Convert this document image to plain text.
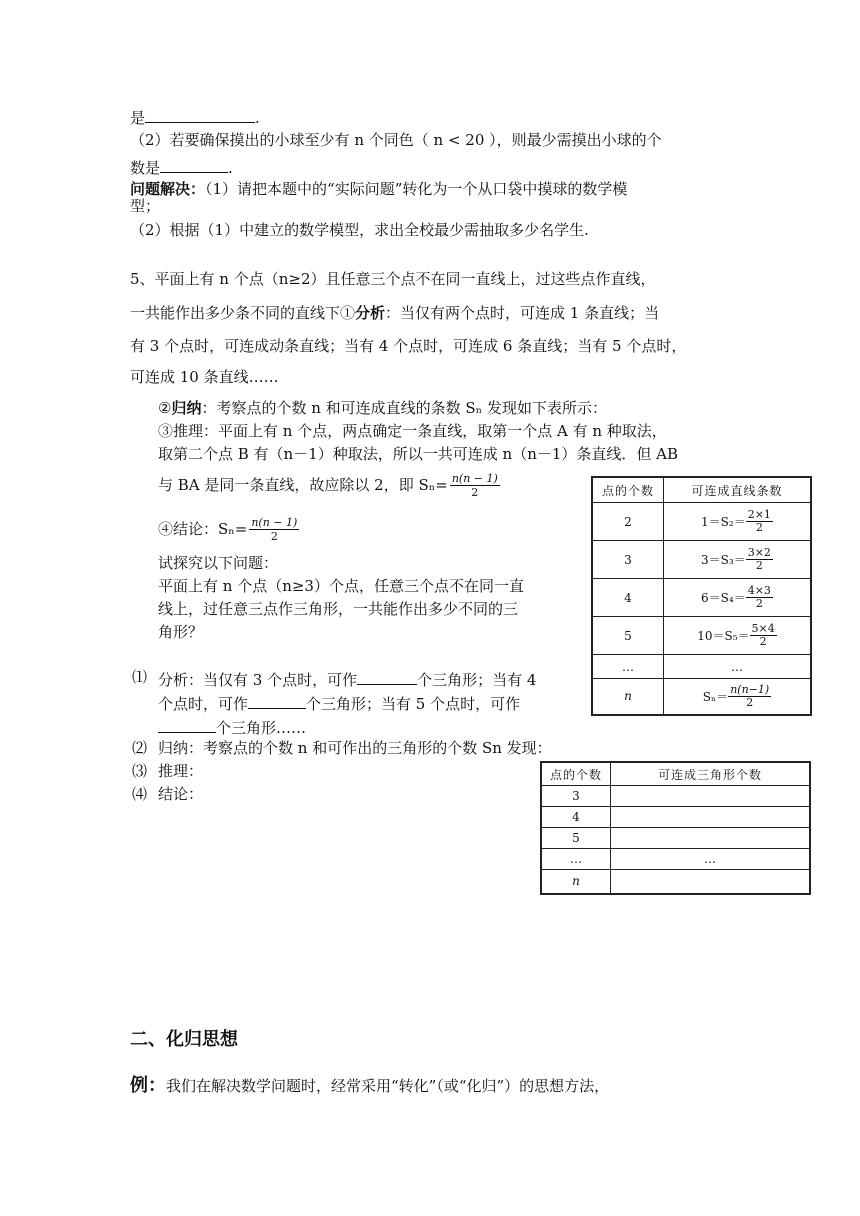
是	.
（2）若要确保摸出的小球至少有 n 个同色（ n < 20 ），则最少需摸出小球的个
数是	.
问题解决：（1）请把本题中的“实际问题”转化为一个从口袋中摸球的数学模
型；
（2）根据（1）中建立的数学模型，求出全校最少需抽取多少名学生.
5、平面上有 n 个点（n≥2）且任意三个点不在同一直线上，过这些点作直线，
一共能作出多少条不同的直线下①分析：当仅有两个点时，可连成 1 条直线；当
有 3 个点时，可连成动条直线；当有 4 个点时，可连成 6 条直线；当有 5 个点时，
可连成 10 条直线……
②归纳：考察点的个数 n 和可连成直线的条数 Sₙ 发现如下表所示：
③推理：平面上有 n 个点，两点确定一条直线，取第一个点 A 有 n 种取法，
取第二个点 B 有（n－1）种取法，所以一共可连成 n（n－1）条直线．但 AB
与 BA 是同一条直线，故应除以 2，即 $S_n= \frac{n(n - 1)}{2}$
④结论：$S_n= \frac{n(n - 1)}{2}$
试探究以下问题：
平面上有 n 个点（n≥3）个点，任意三个点不在同一直
线上，过任意三点作三角形，一共能作出多少不同的三
角形？
⑴ 分析：当仅有 3 个点时，可作	个三角形；当有 4
个点时，可作	个三角形；当有 5 个点时，可作
个三角形……
⑵ 归纳：考察点的个数 n 和可作出的三角形的个数 Sn 发现：
⑶ 推理：
⑷ 结论：
点的个数	可连成直线条数
2	$1=S_2= \frac{2\times 1}{2}$

3	$3=S_3= \frac{3\times 2}{2}$

4	$6=S_4= \frac{4\times 3}{2}$

5	$10=S_5= \frac{5\times 4}{2}$

…	…
n	$S_n= \frac{n(n-1)}{2}$
点的个数	可连成三角形个数
3	
4	
5	
…	…
n	
二、化归思想
例：我们在解决数学问题时，经常采用“转化”（或“化归”）的思想方法，
